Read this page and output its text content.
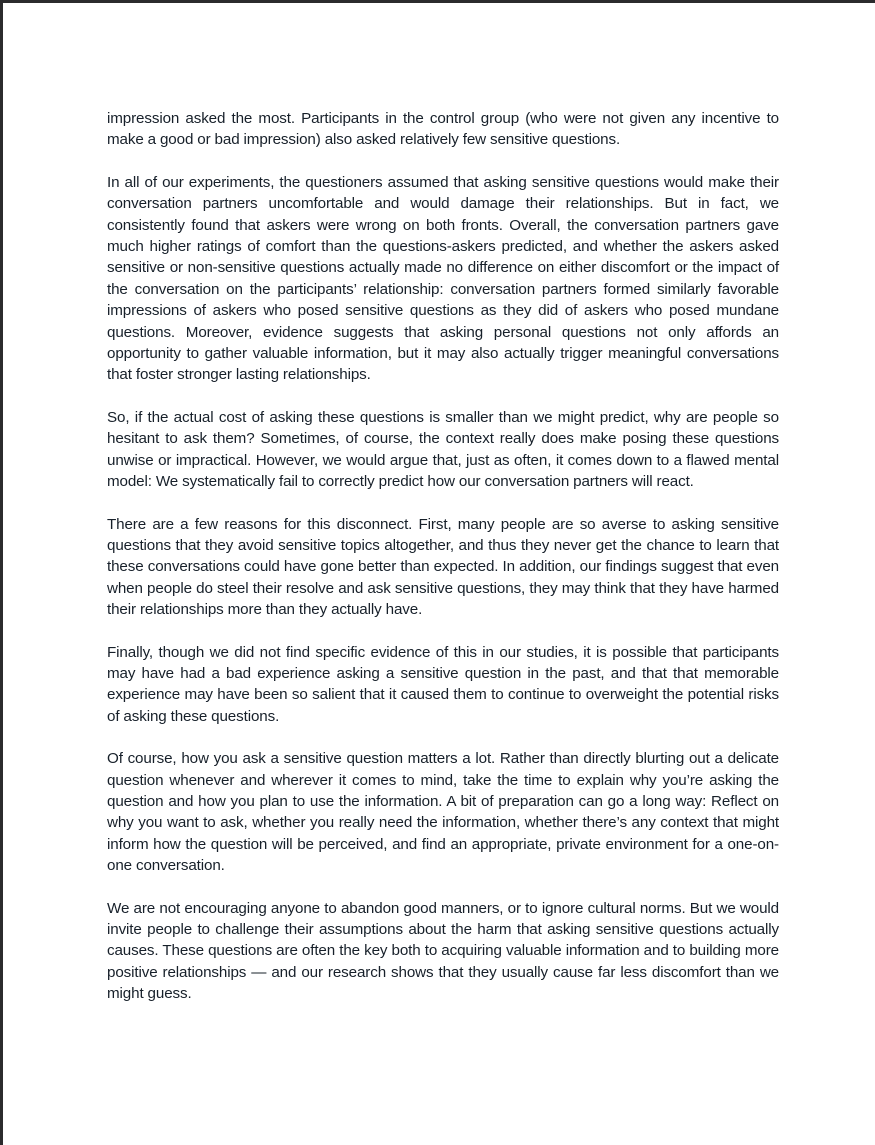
impression asked the most. Participants in the control group (who were not given any incentive to make a good or bad impression) also asked relatively few sensitive questions.

In all of our experiments, the questioners assumed that asking sensitive questions would make their conversation partners uncomfortable and would damage their relationships. But in fact, we consistently found that askers were wrong on both fronts. Overall, the conversation partners gave much higher ratings of comfort than the questions-askers predicted, and whether the askers asked sensitive or non-sensitive questions actually made no difference on either discomfort or the impact of the conversation on the participants’ relationship: conversation partners formed similarly favorable impressions of askers who posed sensitive questions as they did of askers who posed mundane questions. Moreover, evidence suggests that asking personal questions not only affords an opportunity to gather valuable information, but it may also actually trigger meaningful conversations that foster stronger lasting relationships.

So, if the actual cost of asking these questions is smaller than we might predict, why are people so hesitant to ask them? Sometimes, of course, the context really does make posing these questions unwise or impractical. However, we would argue that, just as often, it comes down to a flawed mental model: We systematically fail to correctly predict how our conversation partners will react.

There are a few reasons for this disconnect. First, many people are so averse to asking sensitive questions that they avoid sensitive topics altogether, and thus they never get the chance to learn that these conversations could have gone better than expected. In addition, our findings suggest that even when people do steel their resolve and ask sensitive questions, they may think that they have harmed their relationships more than they actually have.

Finally, though we did not find specific evidence of this in our studies, it is possible that participants may have had a bad experience asking a sensitive question in the past, and that that memorable experience may have been so salient that it caused them to continue to overweight the potential risks of asking these questions.

Of course, how you ask a sensitive question matters a lot. Rather than directly blurting out a delicate question whenever and wherever it comes to mind, take the time to explain why you’re asking the question and how you plan to use the information. A bit of preparation can go a long way: Reflect on why you want to ask, whether you really need the information, whether there’s any context that might inform how the question will be perceived, and find an appropriate, private environment for a one-on-one conversation.

We are not encouraging anyone to abandon good manners, or to ignore cultural norms. But we would invite people to challenge their assumptions about the harm that asking sensitive questions actually causes. These questions are often the key both to acquiring valuable information and to building more positive relationships — and our research shows that they usually cause far less discomfort than we might guess.
